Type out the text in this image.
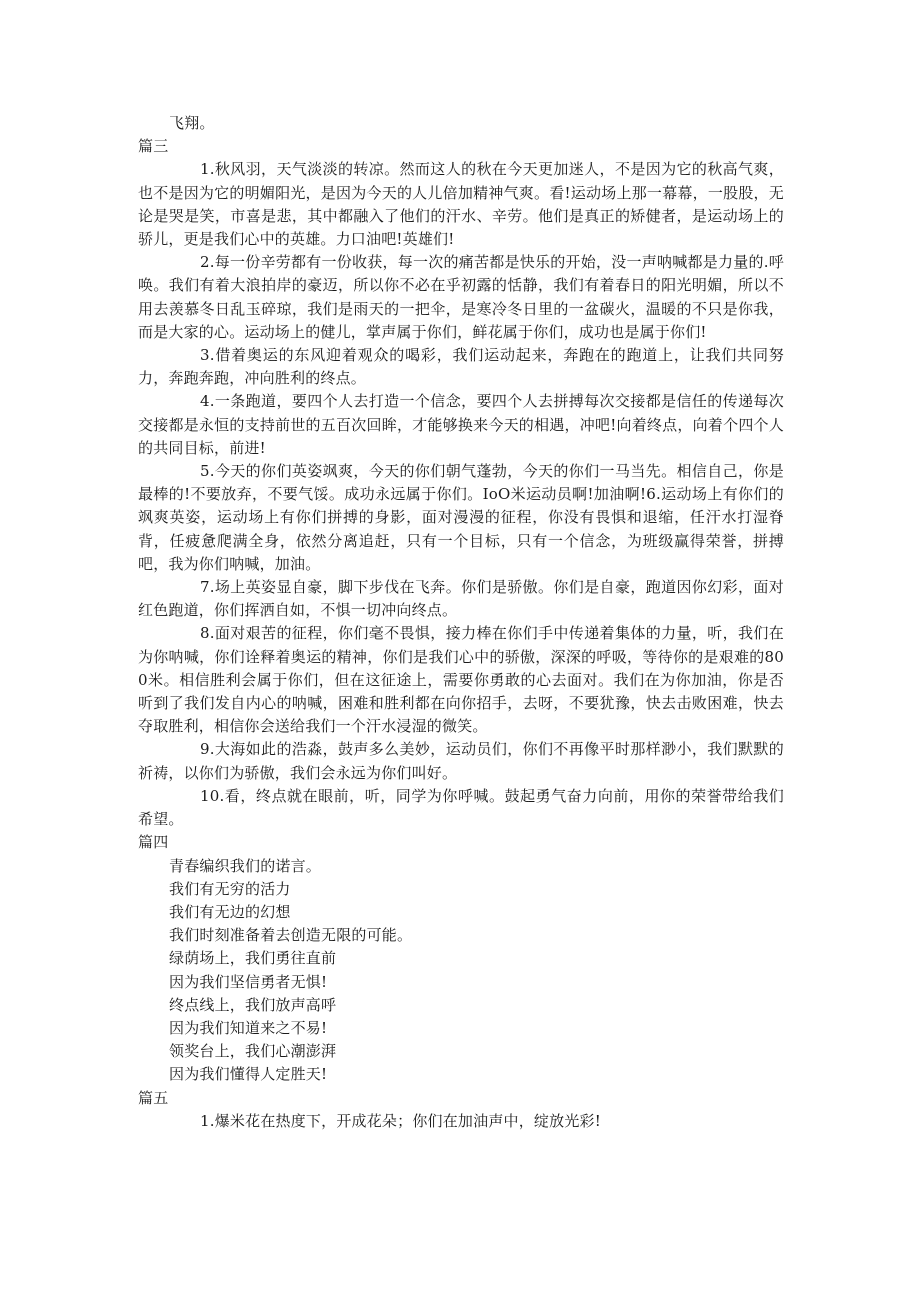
飞翔。

篇三

1.秋风羽，天气淡淡的转凉。然而这人的秋在今天更加迷人，不是因为它的秋高气爽，也不是因为它的明媚阳光，是因为今天的人儿倍加精神气爽。看!运动场上那一幕幕，一股股，无论是哭是笑，市喜是悲，其中都融入了他们的汗水、辛劳。他们是真正的矫健者，是运动场上的骄儿，更是我们心中的英雄。力口油吧!英雄们!

2.每一份辛劳都有一份收获，每一次的痛苦都是快乐的开始，没一声呐喊都是力量的.呼唤。我们有着大浪拍岸的豪迈，所以你不必在乎初露的恬静，我们有着春日的阳光明媚，所以不用去羡慕冬日乱玉碎琼，我们是雨天的一把伞，是寒冷冬日里的一盆碳火，温暖的不只是你我，而是大家的心。运动场上的健儿，掌声属于你们，鲜花属于你们，成功也是属于你们!

3.借着奥运的东风迎着观众的喝彩，我们运动起来，奔跑在的跑道上，让我们共同努力，奔跑奔跑，冲向胜利的终点。

4.一条跑道，要四个人去打造一个信念，要四个人去拼搏每次交接都是信任的传递每次交接都是永恒的支持前世的五百次回眸，才能够换来今天的相遇，冲吧!向着终点，向着个四个人的共同目标，前进!

5.今天的你们英姿飒爽，今天的你们朝气蓬勃，今天的你们一马当先。相信自己，你是最棒的!不要放弃，不要气馁。成功永远属于你们。IoO米运动员啊!加油啊!6.运动场上有你们的飒爽英姿，运动场上有你们拼搏的身影，面对漫漫的征程，你没有畏惧和退缩，任汗水打湿脊背，任疲惫爬满全身，依然分离追赶，只有一个目标，只有一个信念，为班级赢得荣誉，拼搏吧，我为你们呐喊，加油。

7.场上英姿显自豪，脚下步伐在飞奔。你们是骄傲。你们是自豪，跑道因你幻彩，面对红色跑道，你们挥洒自如，不惧一切冲向终点。

8.面对艰苦的征程，你们毫不畏惧，接力棒在你们手中传递着集体的力量，听，我们在为你呐喊，你们诠释着奥运的精神，你们是我们心中的骄傲，深深的呼吸，等待你的是艰难的800米。相信胜利会属于你们，但在这征途上，需要你勇敢的心去面对。我们在为你加油，你是否听到了我们发自内心的呐喊，困难和胜利都在向你招手，去呀，不要犹豫，快去击败困难，快去夺取胜利，相信你会送给我们一个汗水浸湿的微笑。

9.大海如此的浩淼，鼓声多么美妙，运动员们，你们不再像平时那样渺小，我们默默的祈祷，以你们为骄傲，我们会永远为你们叫好。

10.看，终点就在眼前，听，同学为你呼喊。鼓起勇气奋力向前，用你的荣誉带给我们希望。

篇四

青春编织我们的诺言。

我们有无穷的活力

我们有无边的幻想

我们时刻准备着去创造无限的可能。

绿荫场上，我们勇往直前

因为我们坚信勇者无惧!

终点线上，我们放声高呼

因为我们知道来之不易!

领奖台上，我们心潮澎湃

因为我们懂得人定胜天!

篇五

1.爆米花在热度下，开成花朵；你们在加油声中，绽放光彩!
